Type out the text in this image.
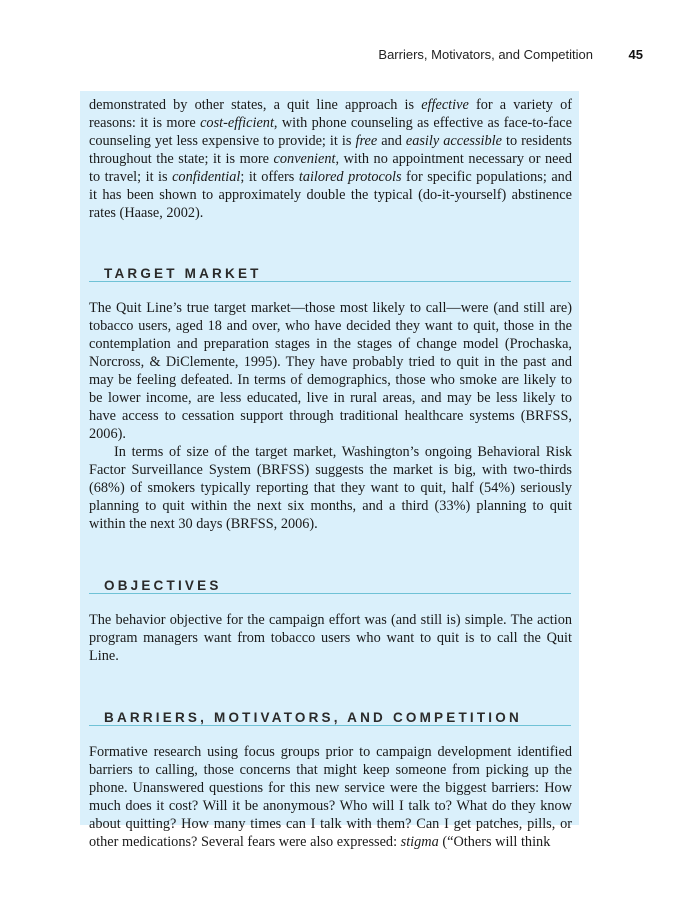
Barriers, Motivators, and Competition	45

demonstrated by other states, a quit line approach is effective for a variety of reasons: it is more cost-efficient, with phone counseling as effective as face-to-face counseling yet less expensive to provide; it is free and easily accessible to residents throughout the state; it is more convenient, with no appointment necessary or need to travel; it is confidential; it offers tailored protocols for specific populations; and it has been shown to approximately double the typical (do-it-yourself) abstinence rates (Haase, 2002).

TARGET MARKET

The Quit Line’s true target market—those most likely to call—were (and still are) tobacco users, aged 18 and over, who have decided they want to quit, those in the contemplation and preparation stages in the stages of change model (Prochaska, Norcross, & DiClemente, 1995). They have probably tried to quit in the past and may be feeling defeated. In terms of demographics, those who smoke are likely to be lower income, are less educated, live in rural areas, and may be less likely to have access to cessation support through traditional healthcare systems (BRFSS, 2006).

In terms of size of the target market, Washington’s ongoing Behavioral Risk Factor Surveillance System (BRFSS) suggests the market is big, with two-thirds (68%) of smokers typically reporting that they want to quit, half (54%) seriously planning to quit within the next six months, and a third (33%) planning to quit within the next 30 days (BRFSS, 2006).

OBJECTIVES

The behavior objective for the campaign effort was (and still is) simple. The action program managers want from tobacco users who want to quit is to call the Quit Line.

BARRIERS, MOTIVATORS, AND COMPETITION

Formative research using focus groups prior to campaign development identified barriers to calling, those concerns that might keep someone from picking up the phone. Unanswered questions for this new service were the biggest barriers: How much does it cost? Will it be anonymous? Who will I talk to? What do they know about quitting? How many times can I talk with them? Can I get patches, pills, or other medications? Several fears were also expressed: stigma (“Others will think
